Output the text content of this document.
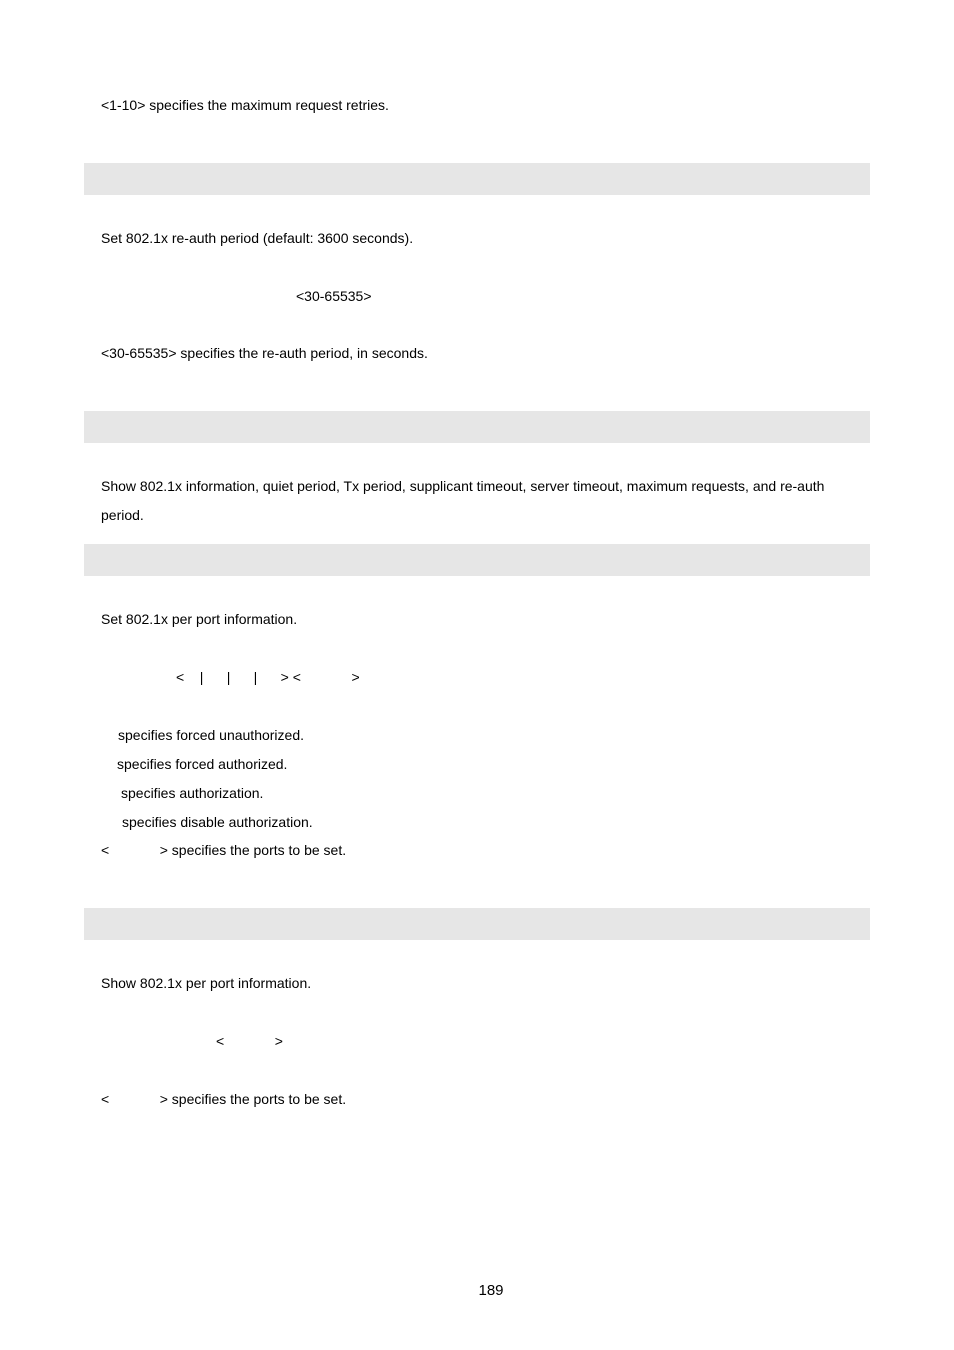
<1-10> specifies the maximum request retries.
Set 802.1x re-auth period (default: 3600 seconds).
<30-65535>
<30-65535> specifies the re-auth period, in seconds.
Show 802.1x information, quiet period, Tx period, supplicant timeout, server timeout, maximum requests, and re-auth
period.
Set 802.1x per port information.
<    |      |      |      > <             >
specifies forced unauthorized.
specifies forced authorized.
specifies authorization.
specifies disable authorization.
<             > specifies the ports to be set.
Show 802.1x per port information.
<             >
<             > specifies the ports to be set.
189
